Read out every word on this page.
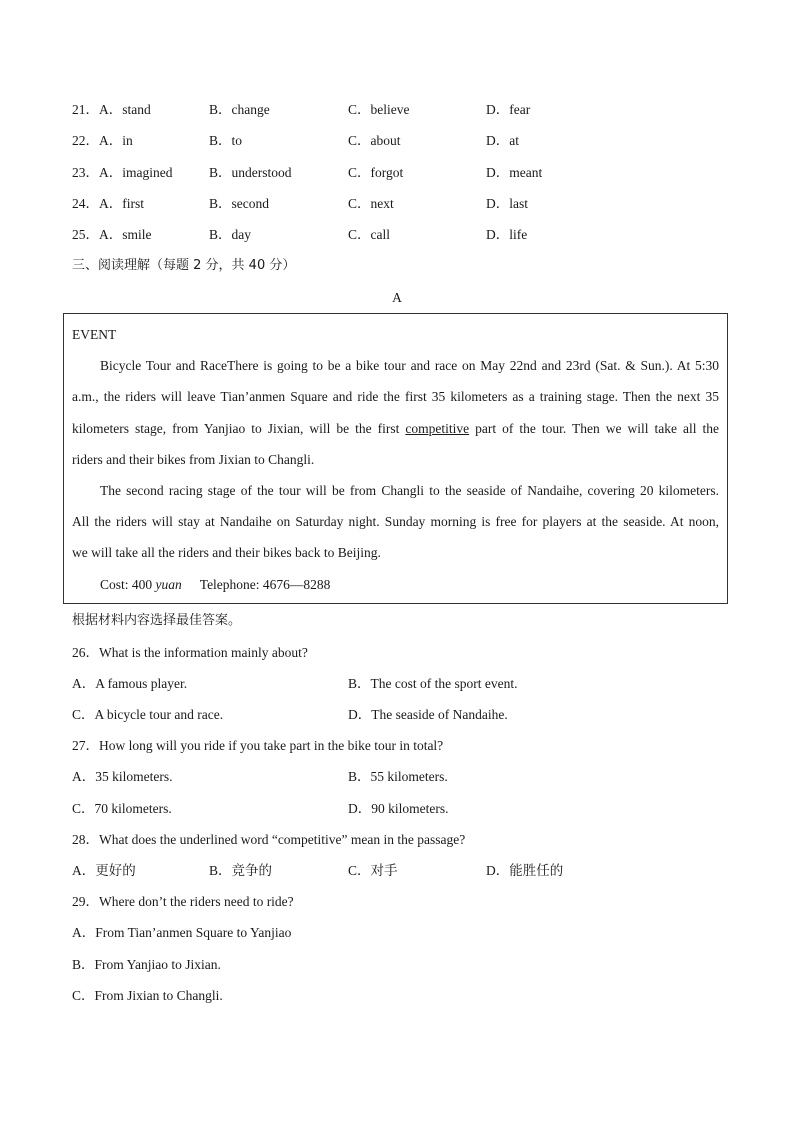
21．A．stand	B．change	C．believe	D．fear
22．A．in	B．to	C．about	D．at
23．A．imagined	B．understood	C．forgot	D．meant
24．A．first	B．second	C．next	D．last
25．A．smile	B．day	C．call	D．life
三、阅读理解（每题 2 分，共 40 分）
A
EVENT
Bicycle Tour and RaceThere is going to be a bike tour and race on May 22nd and 23rd (Sat. & Sun.). At 5:30
a.m., the riders will leave Tian’anmen Square and ride the first 35 kilometers as a training stage. Then the next 35
kilometers stage, from Yanjiao to Jixian, will be the first competitive part of the tour. Then we will take all the
riders and their bikes from Jixian to Changli.
The second racing stage of the tour will be from Changli to the seaside of Nandaihe, covering 20 kilometers.
All the riders will stay at Nandaihe on Saturday night. Sunday morning is free for players at the seaside. At noon,
we will take all the riders and their bikes back to Beijing.
Cost: 400 yuan Telephone: 4676—8288
根据材料内容选择最佳答案。
26．What is the information mainly about?
A．A famous player.	B．The cost of the sport event.
C．A bicycle tour and race.	D．The seaside of Nandaihe.
27．How long will you ride if you take part in the bike tour in total?
A．35 kilometers.	B．55 kilometers.
C．70 kilometers.	D．90 kilometers.
28．What does the underlined word “competitive” mean in the passage?
A．更好的	B．竞争的	C．对手	D．能胜任的
29．Where don’t the riders need to ride?
A．From Tian’anmen Square to Yanjiao
B．From Yanjiao to Jixian.
C．From Jixian to Changli.
